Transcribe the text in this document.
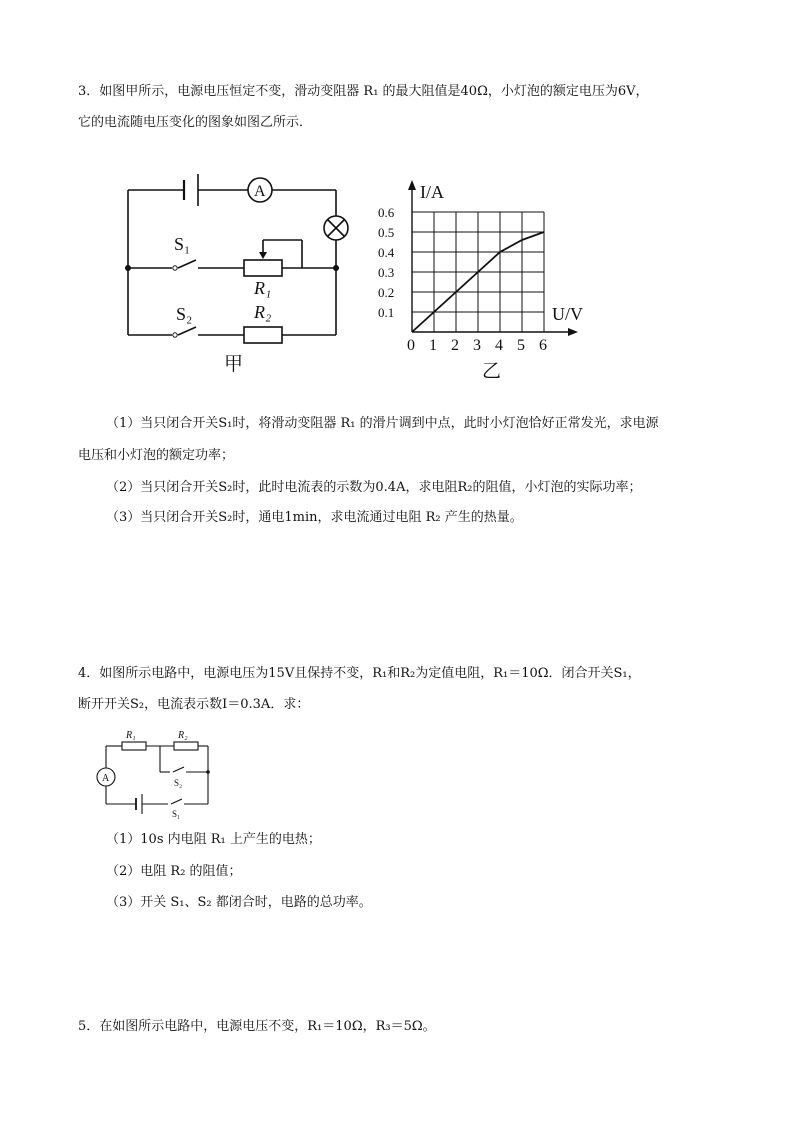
3．如图甲所示，电源电压恒定不变，滑动变阻器 R₁ 的最大阻值是40Ω，小灯泡的额定电压为6V，
它的电流随电压变化的图象如图乙所示．
A
S₁
R₁
S₂	R₂
甲
0 1 2 3 4 5 6
0.1
0.2
0.3
0.4
0.5
0.6
I/A
U/V
乙
（1）当只闭合开关S₁时，将滑动变阻器 R₁ 的滑片调到中点，此时小灯泡恰好正常发光，求电源
电压和小灯泡的额定功率；
（2）当只闭合开关S₂时，此时电流表的示数为0.4A，求电阻R₂的阻值，小灯泡的实际功率；
（3）当只闭合开关S₂时，通电1min，求电流通过电阻 R₂ 产生的热量。
4．如图所示电路中，电源电压为15V且保持不变，R₁和R₂为定值电阻，R₁＝10Ω．闭合开关S₁，
断开开关S₂，电流表示数I＝0.3A．求：
R₁	R₂
A	S₂
S₁
（1）10s 内电阻 R₁ 上产生的电热；
（2）电阻 R₂ 的阻值；
（3）开关 S₁、S₂ 都闭合时，电路的总功率。
5．在如图所示电路中，电源电压不变，R₁＝10Ω，R₃＝5Ω。
